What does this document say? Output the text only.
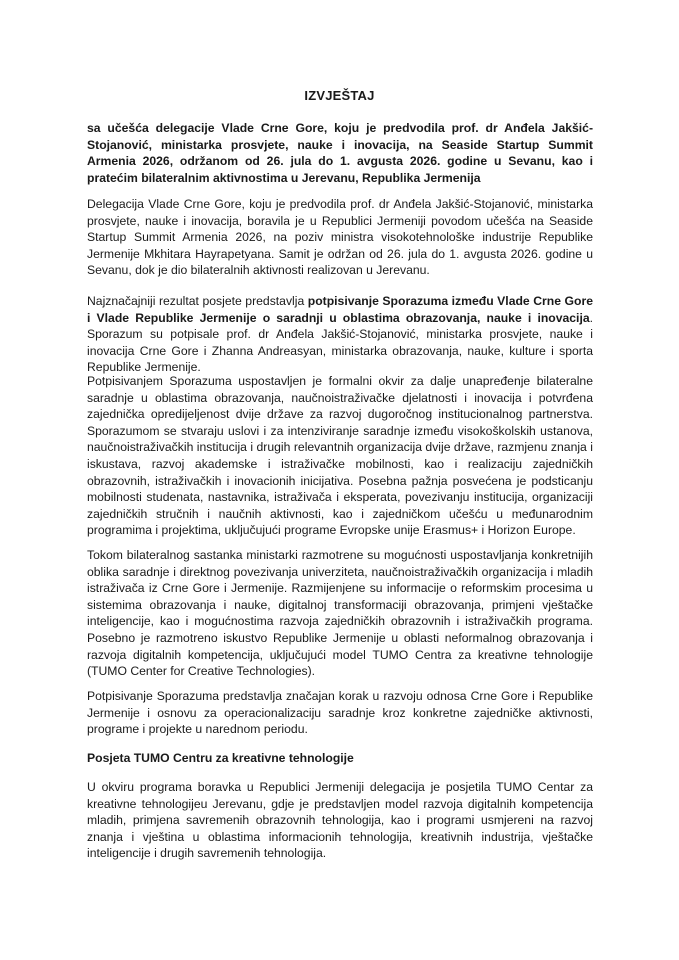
IZVJEŠTAJ
sa učešća delegacije Vlade Crne Gore, koju je predvodila prof. dr Anđela Jakšić-Stojanović, ministarka prosvjete, nauke i inovacija, na Seaside Startup Summit Armenia 2026, održanom od 26. jula do 1. avgusta 2026. godine u Sevanu, kao i pratećim bilateralnim aktivnostima u Jerevanu, Republika Jermenija

Delegacija Vlade Crne Gore, koju je predvodila prof. dr Anđela Jakšić-Stojanović, ministarka prosvjete, nauke i inovacija, boravila je u Republici Jermeniji povodom učešća na Seaside Startup Summit Armenia 2026, na poziv ministra visokotehnološke industrije Republike Jermenije Mkhitara Hayrapetyana. Samit je održan od 26. jula do 1. avgusta 2026. godine u Sevanu, dok je dio bilateralnih aktivnosti realizovan u Jerevanu.

Najznačajniji rezultat posjete predstavlja potpisivanje Sporazuma između Vlade Crne Gore i Vlade Republike Jermenije o saradnji u oblastima obrazovanja, nauke i inovacija. Sporazum su potpisale prof. dr Anđela Jakšić-Stojanović, ministarka prosvjete, nauke i inovacija Crne Gore i Zhanna Andreasyan, ministarka obrazovanja, nauke, kulture i sporta Republike Jermenije.

Potpisivanjem Sporazuma uspostavljen je formalni okvir za dalje unapređenje bilateralne saradnje u oblastima obrazovanja, naučnoistraživačke djelatnosti i inovacija i potvrđena zajednička opredijeljenost dvije države za razvoj dugoročnog institucionalnog partnerstva. Sporazumom se stvaraju uslovi i za intenziviranje saradnje između visokoškolskih ustanova, naučnoistraživačkih institucija i drugih relevantnih organizacija dvije države, razmjenu znanja i iskustava, razvoj akademske i istraživačke mobilnosti, kao i realizaciju zajedničkih obrazovnih, istraživačkih i inovacionih inicijativa. Posebna pažnja posvećena je podsticanju mobilnosti studenata, nastavnika, istraživača i eksperata, povezivanju institucija, organizaciji zajedničkih stručnih i naučnih aktivnosti, kao i zajedničkom učešću u međunarodnim programima i projektima, uključujući programe Evropske unije Erasmus+ i Horizon Europe.

Tokom bilateralnog sastanka ministarki razmotrene su mogućnosti uspostavljanja konkretnijih oblika saradnje i direktnog povezivanja univerziteta, naučnoistraživačkih organizacija i mladih istraživača iz Crne Gore i Jermenije. Razmijenjene su informacije o reformskim procesima u sistemima obrazovanja i nauke, digitalnoj transformaciji obrazovanja, primjeni vještačke inteligencije, kao i mogućnostima razvoja zajedničkih obrazovnih i istraživačkih programa. Posebno je razmotreno iskustvo Republike Jermenije u oblasti neformalnog obrazovanja i razvoja digitalnih kompetencija, uključujući model TUMO Centra za kreativne tehnologije (TUMO Center for Creative Technologies).

Potpisivanje Sporazuma predstavlja značajan korak u razvoju odnosa Crne Gore i Republike Jermenije i osnovu za operacionalizaciju saradnje kroz konkretne zajedničke aktivnosti, programe i projekte u narednom periodu.

Posjeta TUMO Centru za kreativne tehnologije

U okviru programa boravka u Republici Jermeniji delegacija je posjetila TUMO Centar za kreativne tehnologijeu Jerevanu, gdje je predstavljen model razvoja digitalnih kompetencija mladih, primjena savremenih obrazovnih tehnologija, kao i programi usmjereni na razvoj znanja i vještina u oblastima informacionih tehnologija, kreativnih industrija, vještačke inteligencije i drugih savremenih tehnologija.
